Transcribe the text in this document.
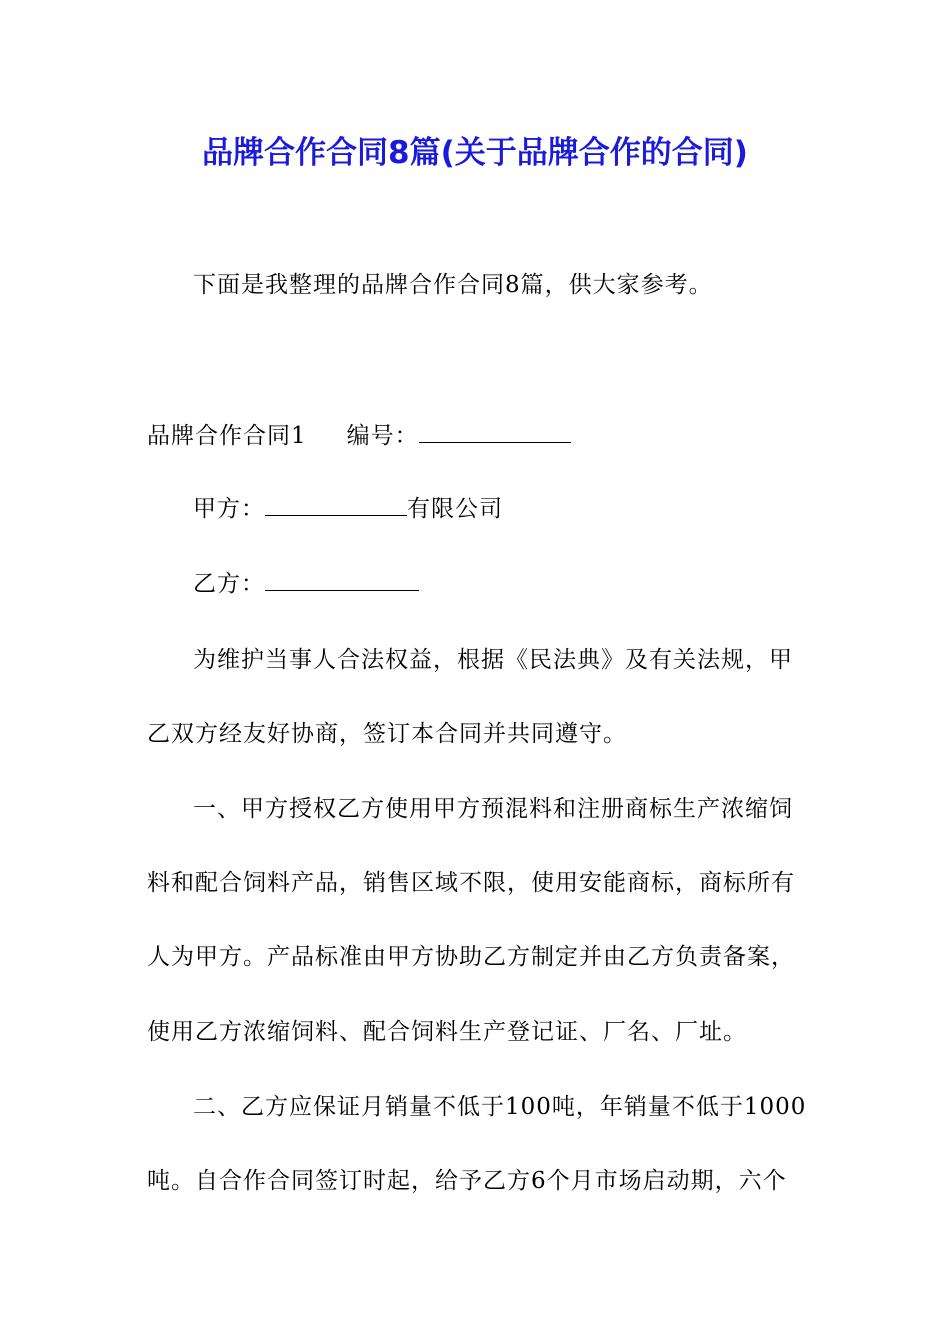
品牌合作合同8篇(关于品牌合作的合同)
下面是我整理的品牌合作合同8篇，供大家参考。
品牌合作合同1 编号：
甲方：	有限公司
乙方：
为维护当事人合法权益，根据《民法典》及有关法规，甲
乙双方经友好协商，签订本合同并共同遵守。
一、甲方授权乙方使用甲方预混料和注册商标生产浓缩饲
料和配合饲料产品，销售区域不限，使用安能商标，商标所有
人为甲方。产品标准由甲方协助乙方制定并由乙方负责备案，
使用乙方浓缩饲料、配合饲料生产登记证、厂名、厂址。
二、乙方应保证月销量不低于100吨，年销量不低于1000
吨。自合作合同签订时起，给予乙方6个月市场启动期，六个
